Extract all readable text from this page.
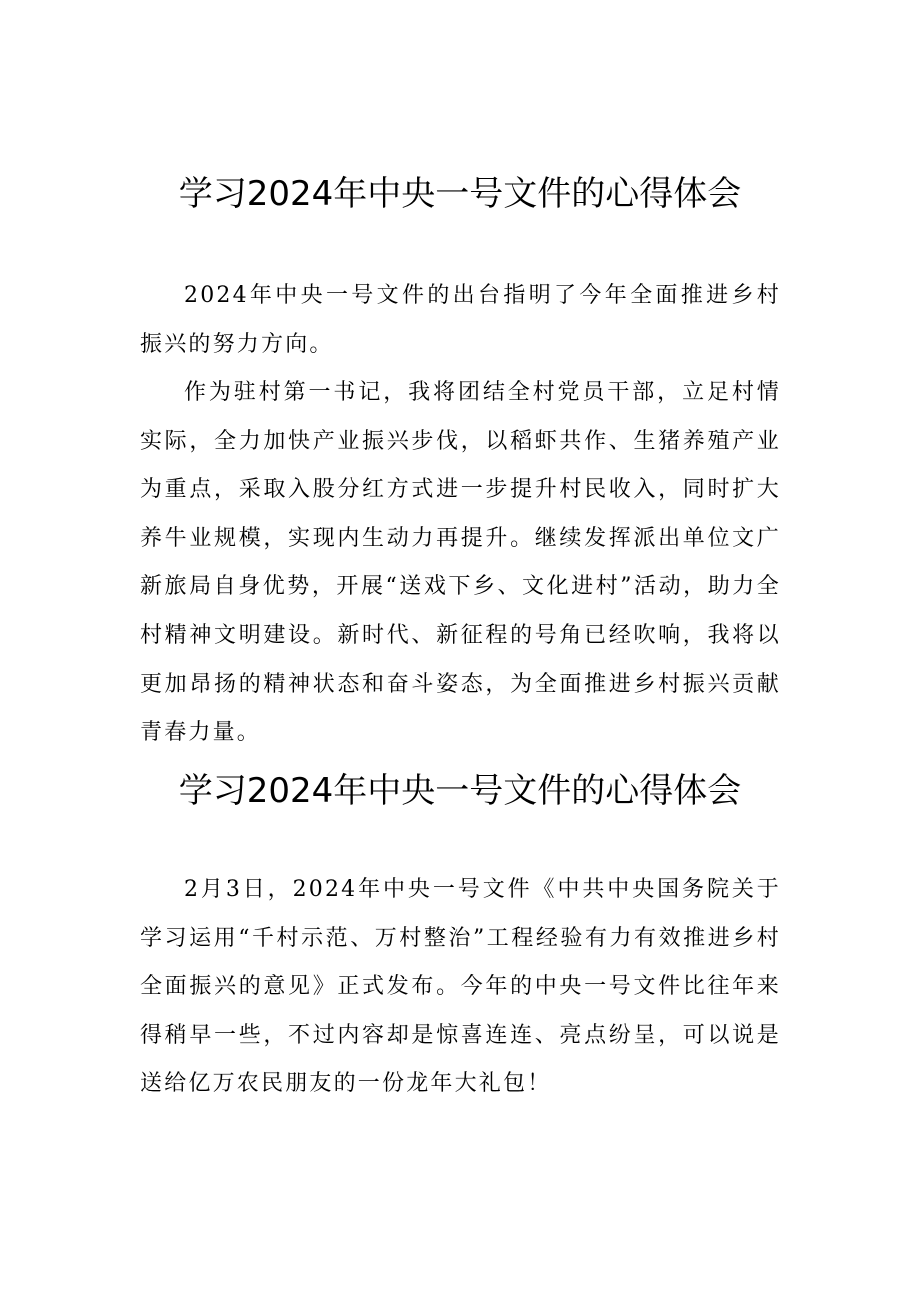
学习2024年中央一号文件的心得体会

2024年中央一号文件的出台指明了今年全面推进乡村振兴的努力方向。

作为驻村第一书记，我将团结全村党员干部，立足村情实际，全力加快产业振兴步伐，以稻虾共作、生猪养殖产业为重点，采取入股分红方式进一步提升村民收入，同时扩大养牛业规模，实现内生动力再提升。继续发挥派出单位文广新旅局自身优势，开展“送戏下乡、文化进村”活动，助力全村精神文明建设。新时代、新征程的号角已经吹响，我将以更加昂扬的精神状态和奋斗姿态，为全面推进乡村振兴贡献青春力量。

学习2024年中央一号文件的心得体会

2月3日，2024年中央一号文件《中共中央国务院关于学习运用“千村示范、万村整治”工程经验有力有效推进乡村全面振兴的意见》正式发布。今年的中央一号文件比往年来得稍早一些，不过内容却是惊喜连连、亮点纷呈，可以说是送给亿万农民朋友的一份龙年大礼包！
